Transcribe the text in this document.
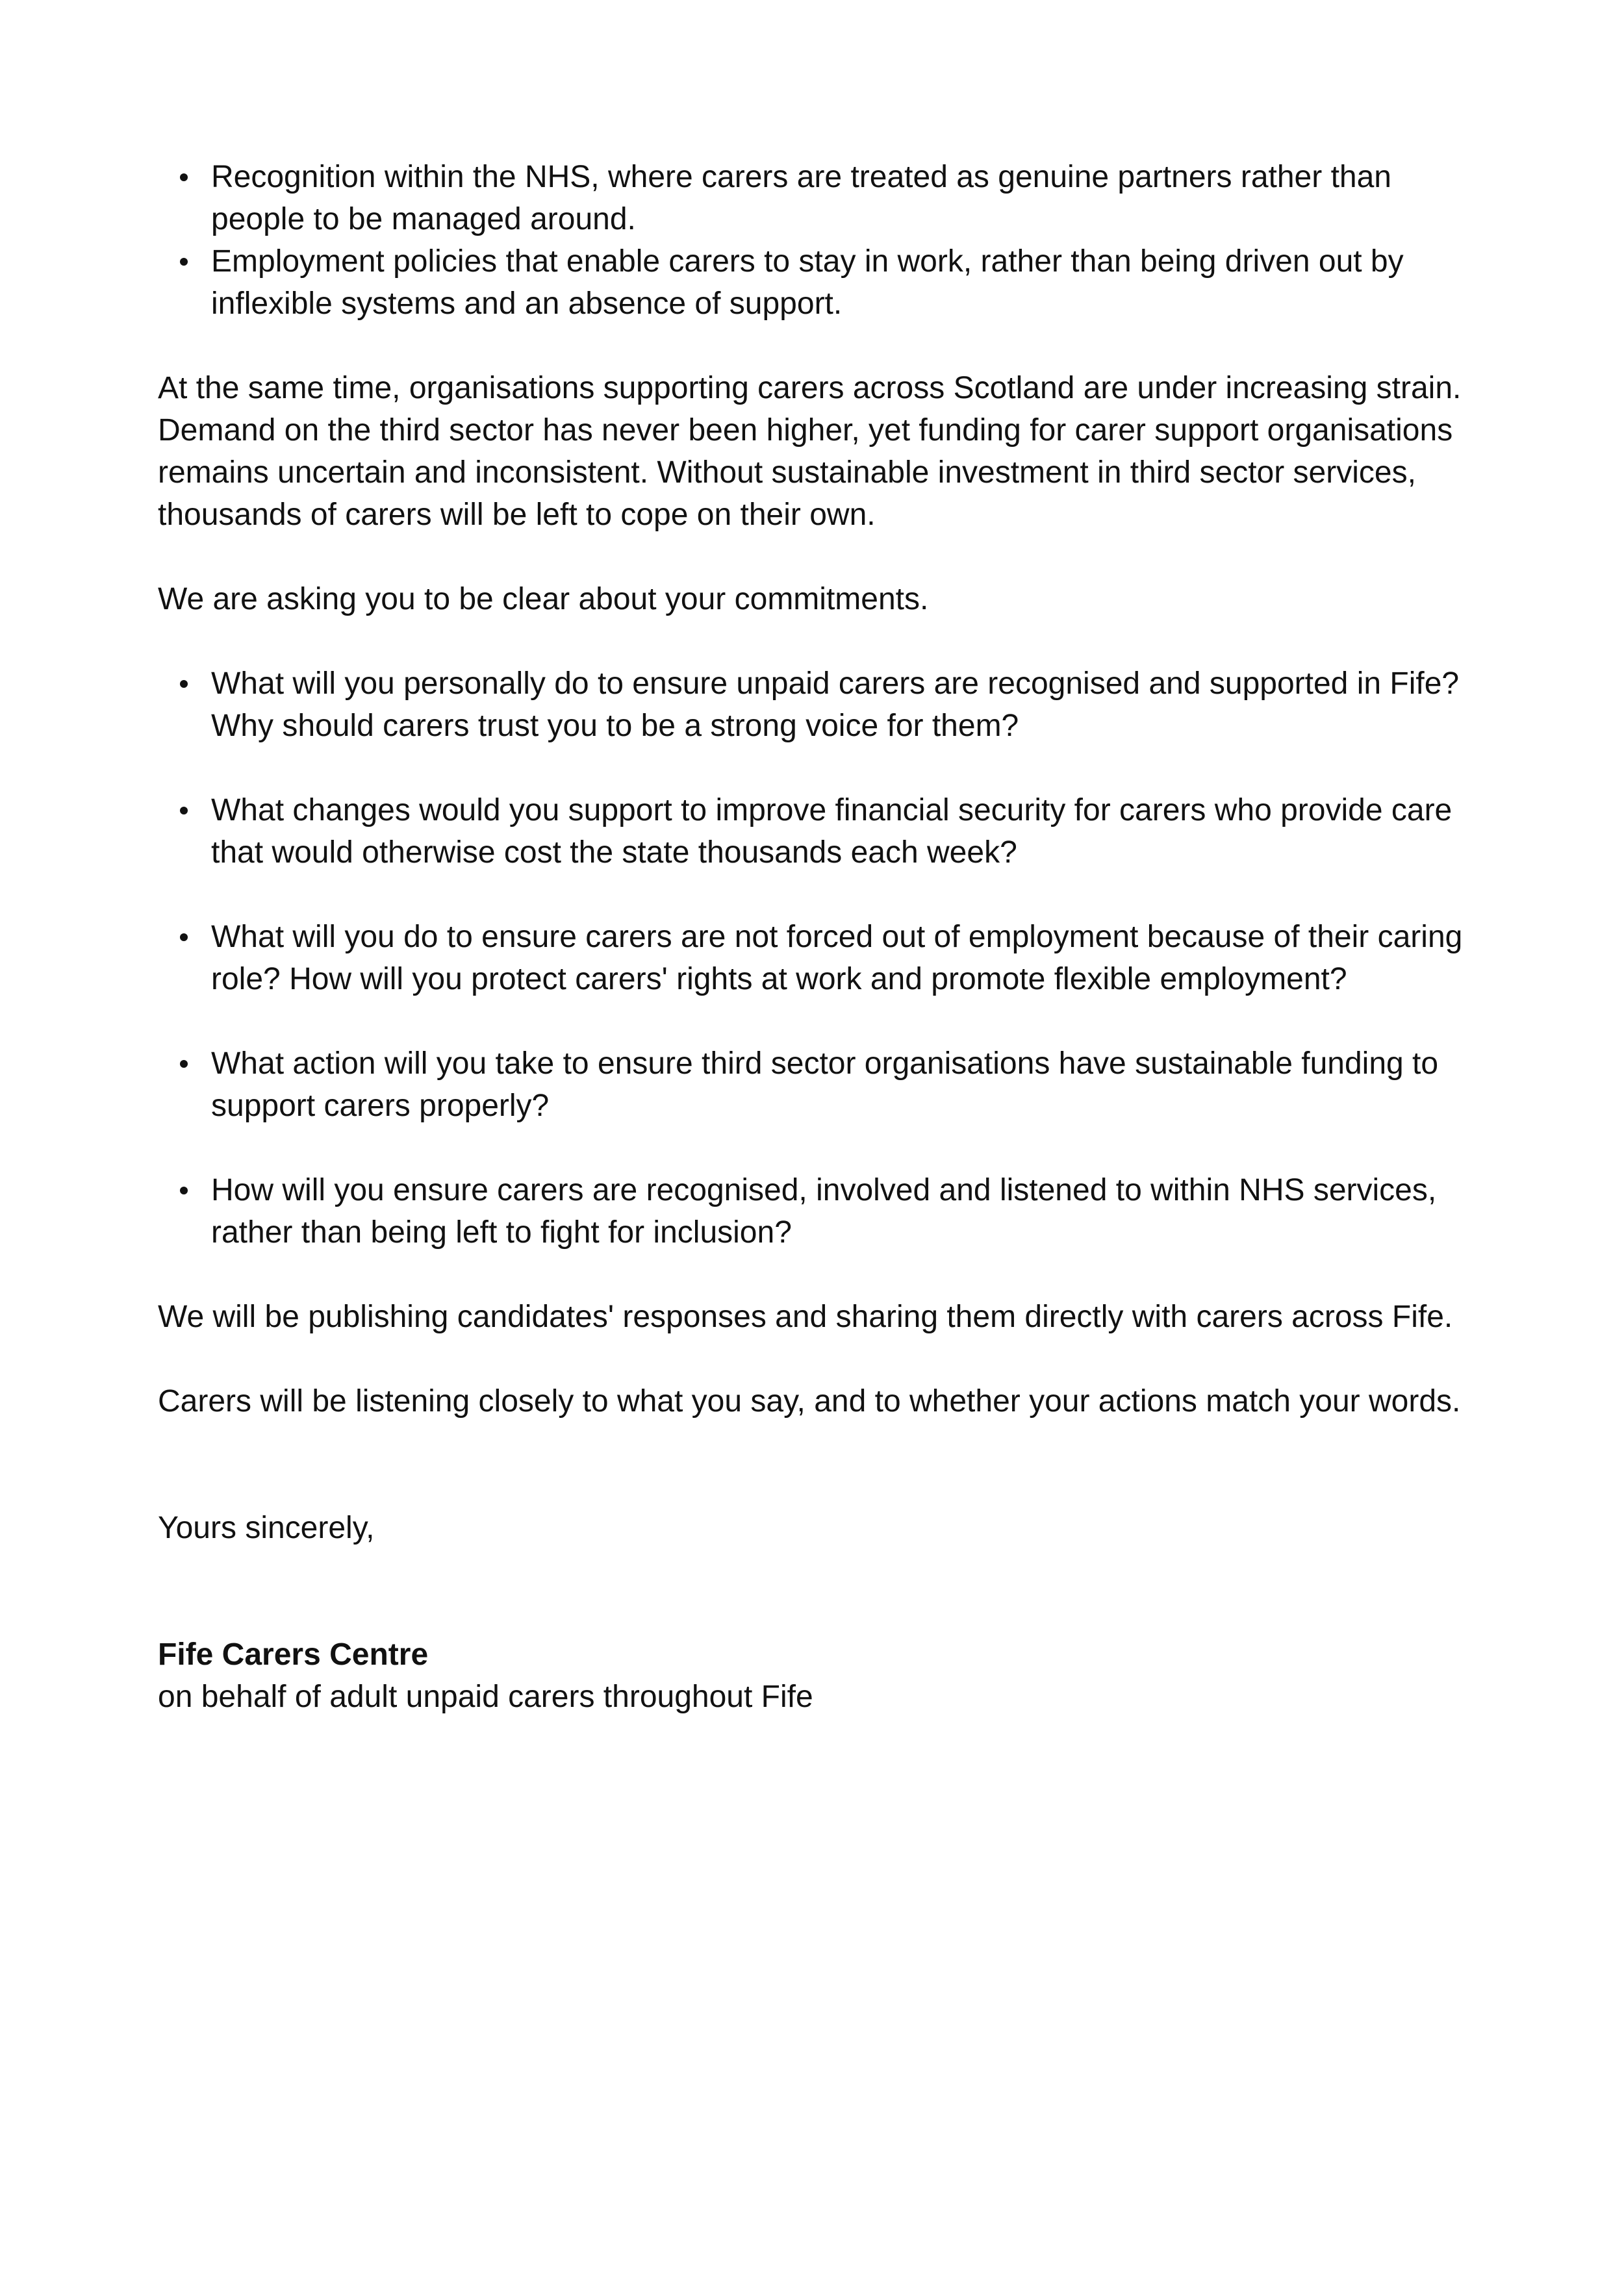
Recognition within the NHS, where carers are treated as genuine partners rather than people to be managed around.
Employment policies that enable carers to stay in work, rather than being driven out by inflexible systems and an absence of support.

At the same time, organisations supporting carers across Scotland are under increasing strain. Demand on the third sector has never been higher, yet funding for carer support organisations remains uncertain and inconsistent. Without sustainable investment in third sector services, thousands of carers will be left to cope on their own.

We are asking you to be clear about your commitments.

What will you personally do to ensure unpaid carers are recognised and supported in Fife? Why should carers trust you to be a strong voice for them?
What changes would you support to improve financial security for carers who provide care that would otherwise cost the state thousands each week?
What will you do to ensure carers are not forced out of employment because of their caring role? How will you protect carers' rights at work and promote flexible employment?
What action will you take to ensure third sector organisations have sustainable funding to support carers properly?
How will you ensure carers are recognised, involved and listened to within NHS services, rather than being left to fight for inclusion?

We will be publishing candidates' responses and sharing them directly with carers across Fife.

Carers will be listening closely to what you say, and to whether your actions match your words.

Yours sincerely,

Fife Carers Centre

on behalf of adult unpaid carers throughout Fife
